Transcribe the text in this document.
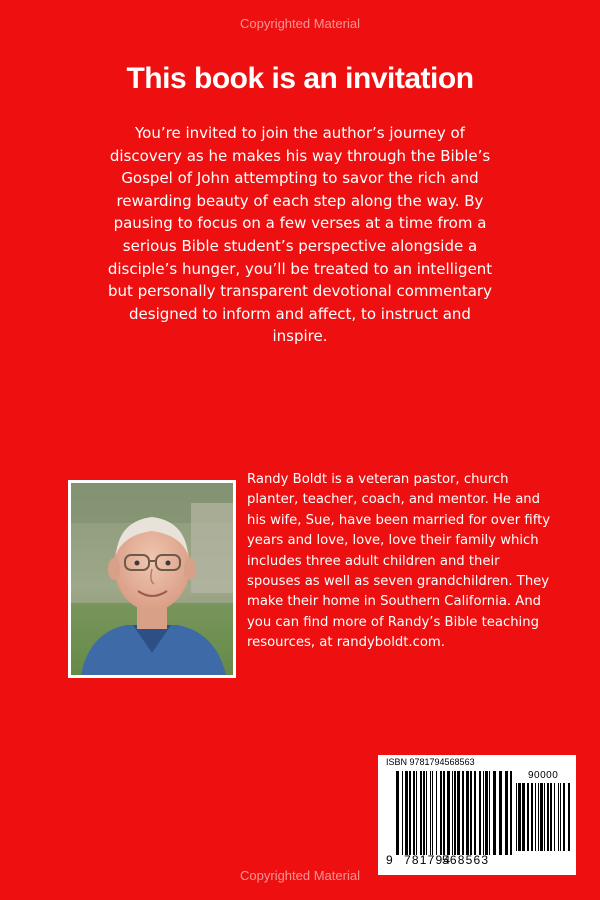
Copyrighted Material
This book is an invitation
You’re invited to join the author’s journey of discovery as he makes his way through the Bible’s Gospel of John attempting to savor the rich and rewarding beauty of each step along the way. By pausing to focus on a few verses at a time from a serious Bible student’s perspective alongside a disciple’s hunger, you’ll be treated to an intelligent but personally transparent devotional commentary designed to inform and affect, to instruct and inspire.
Randy Boldt is a veteran pastor, church planter, teacher, coach, and mentor. He and his wife, Sue, have been married for over fifty years and love, love, love their family which includes three adult children and their spouses as well as seven grandchildren. They make their home in Southern California. And you can find more of Randy’s Bible teaching resources, at randyboldt.com.
ISBN 9781794568563
90000
9 781794
568563
Copyrighted Material
